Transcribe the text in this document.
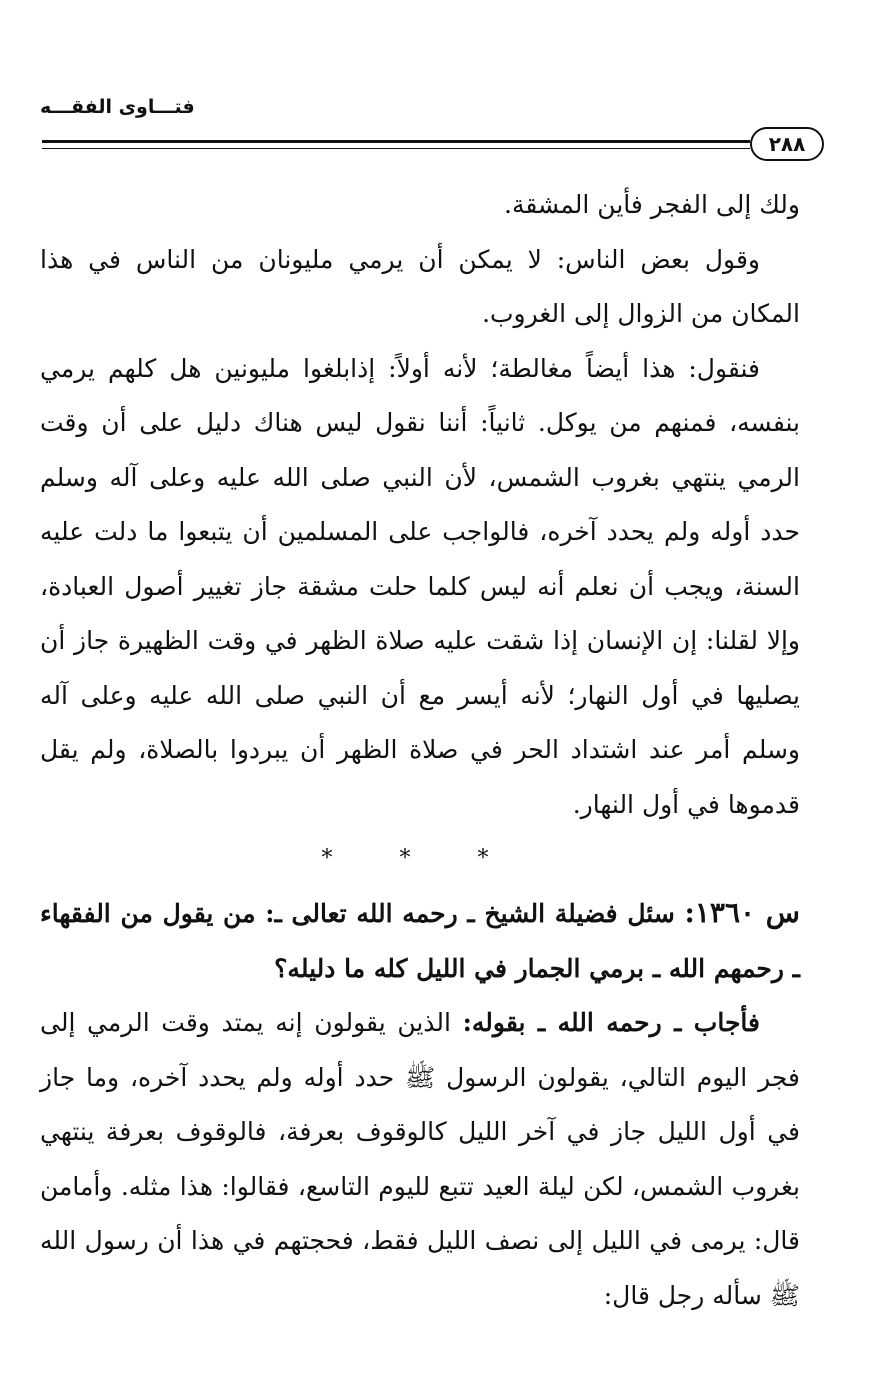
فتـــاوى الفقـــه
٢٨٨

ولك إلى الفجر فأين المشقة.

وقول بعض الناس: لا يمكن أن يرمي مليونان من الناس في هذا المكان من الزوال إلى الغروب.

فنقول: هذا أيضاً مغالطة؛ لأنه أولاً: إذابلغوا مليونين هل كلهم يرمي بنفسه، فمنهم من يوكل. ثانياً: أننا نقول ليس هناك دليل على أن وقت الرمي ينتهي بغروب الشمس، لأن النبي صلى الله عليه وعلى آله وسلم حدد أوله ولم يحدد آخره، فالواجب على المسلمين أن يتبعوا ما دلت عليه السنة، ويجب أن نعلم أنه ليس كلما حلت مشقة جاز تغيير أصول العبادة، وإلا لقلنا: إن الإنسان إذا شقت عليه صلاة الظهر في وقت الظهيرة جاز أن يصليها في أول النهار؛ لأنه أيسر مع أن النبي صلى الله عليه وعلى آله وسلم أمر عند اشتداد الحر في صلاة الظهر أن يبردوا بالصلاة، ولم يقل قدموها في أول النهار.

* * *

س ١٣٦٠: سئل فضيلة الشيخ ـ رحمه الله تعالى ـ: من يقول من الفقهاء ـ رحمهم الله ـ برمي الجمار في الليل كله ما دليله؟

فأجاب ـ رحمه الله ـ بقوله: الذين يقولون إنه يمتد وقت الرمي إلى فجر اليوم التالي، يقولون الرسول ﷺ حدد أوله ولم يحدد آخره، وما جاز في أول الليل جاز في آخر الليل كالوقوف بعرفة، فالوقوف بعرفة ينتهي بغروب الشمس، لكن ليلة العيد تتبع لليوم التاسع، فقالوا: هذا مثله. وأمامن قال: يرمى في الليل إلى نصف الليل فقط، فحجتهم في هذا أن رسول الله ﷺ سأله رجل قال:
